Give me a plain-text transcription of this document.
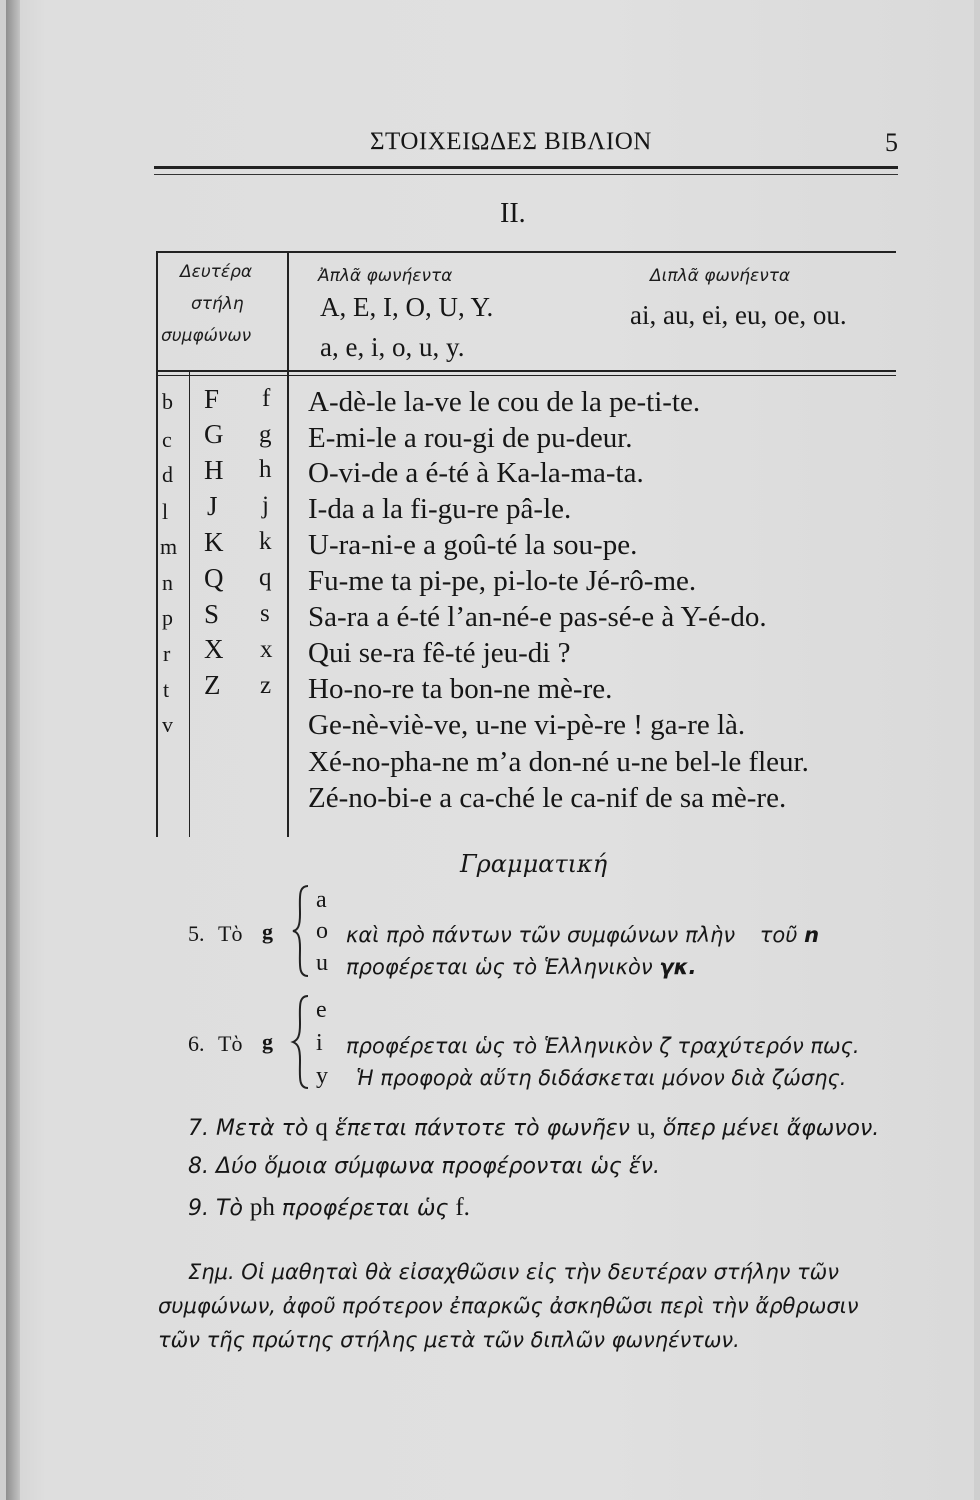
ΣΤΟΙΧΕΙΩΔΕΣ ΒΙΒΛΙΟΝ	5
II.
Δευτέρα
στήλη
συμφώνων
Ἀπλᾶ φωνήεντα
A, E, I, O, U, Y.
a, e, i, o, u, y.
Διπλᾶ φωνήεντα
ai, au, ei, eu, oe, ou.
b
c
d
l
m
n
p
r
t
v
F
G
H
J
K
Q
S
X
Z
f
g
h
j
k
q
s
x
z
A-dè-le la-ve le cou de la pe-ti-te.
E-mi-le a rou-gi de pu-deur.
O-vi-de a é-té à Ka-la-ma-ta.
I-da a la fi-gu-re pâ-le.
U-ra-ni-e a goû-té la sou-pe.
Fu-me ta pi-pe, pi-lo-te Jé-rô-me.
Sa-ra a é-té l’an-né-e pas-sé-e à Y-é-do.
Qui se-ra fê-té jeu-di ?
Ho-no-re ta bon-ne mè-re.
Ge-nè-viè-ve, u-ne vi-pè-re ! ga-re là.
Xé-no-pha-ne m’a don-né u-ne bel-le fleur.
Zé-no-bi-e a ca-ché le ca-nif de sa mè-re.
Γραμματική
5. Τὸ g
a
o
u
καὶ πρὸ πάντων τῶν συμφώνων πλὴν τοῦ n
προφέρεται ὡς τὸ Ἑλληνικὸν γκ.
6. Τὸ g
e
i
y
προφέρεται ὡς τὸ Ἑλληνικὸν ζ τραχύτερόν πως.
Ἡ προφορὰ αὕτη διδάσκεται μόνον διὰ ζώσης.
7. Μετὰ τὸ q ἕπεται πάντοτε τὸ φωνῆεν u, ὅπερ μένει ἄφωνον.
8. Δύο ὅμοια σύμφωνα προφέρονται ὡς ἕν.
9. Τὸ ph προφέρεται ὡς f.
Σημ. Οἱ μαθηταὶ θὰ εἰσαχθῶσιν εἰς τὴν δευτέραν στήλην τῶν
συμφώνων, ἀφοῦ πρότερον ἐπαρκῶς ἀσκηθῶσι περὶ τὴν ἄρθρωσιν
τῶν τῆς πρώτης στήλης μετὰ τῶν διπλῶν φωνηέντων.
